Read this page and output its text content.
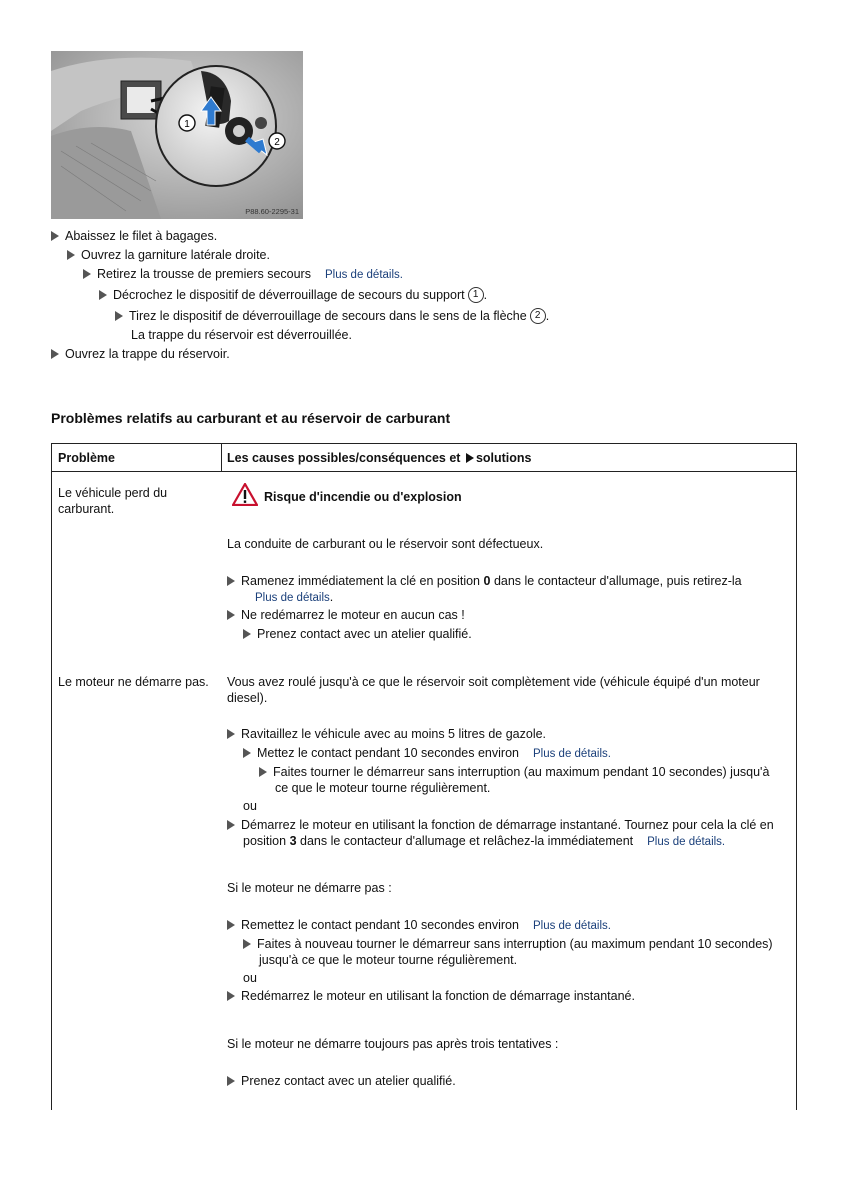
1
2
P88.60-2295-31
Abaissez le filet à bagages.
Ouvrez la garniture latérale droite.
Retirez la trousse de premiers secours Plus de détails.
Décrochez le dispositif de déverrouillage de secours du support 1 .
Tirez le dispositif de déverrouillage de secours dans le sens de la flèche 2 .
La trappe du réservoir est déverrouillée.
Ouvrez la trappe du réservoir.
Problèmes relatifs au carburant et au réservoir de carburant
Problème	Les causes possibles/conséquences et solutions
Le véhicule perd du
carburant.
Risque d'incendie ou d'explosion
La conduite de carburant ou le réservoir sont défectueux.
Ramenez immédiatement la clé en position 0 dans le contacteur d'allumage, puis retirez-la
Plus de détails.
Ne redémarrez le moteur en aucun cas !
Prenez contact avec un atelier qualifié.
Le moteur ne démarre pas. Vous avez roulé jusqu'à ce que le réservoir soit complètement vide (véhicule équipé d'un moteur
diesel).
Ravitaillez le véhicule avec au moins 5 litres de gazole.
Mettez le contact pendant 10 secondes environ Plus de détails.
Faites tourner le démarreur sans interruption (au maximum pendant 10 secondes) jusqu'à
ce que le moteur tourne régulièrement.
ou
Démarrez le moteur en utilisant la fonction de démarrage instantané. Tournez pour cela la clé en
position 3 dans le contacteur d'allumage et relâchez-la immédiatement Plus de détails.
Si le moteur ne démarre pas :
Remettez le contact pendant 10 secondes environ Plus de détails.
Faites à nouveau tourner le démarreur sans interruption (au maximum pendant 10 secondes)
jusqu'à ce que le moteur tourne régulièrement.
ou
Redémarrez le moteur en utilisant la fonction de démarrage instantané.
Si le moteur ne démarre toujours pas après trois tentatives :
Prenez contact avec un atelier qualifié.
